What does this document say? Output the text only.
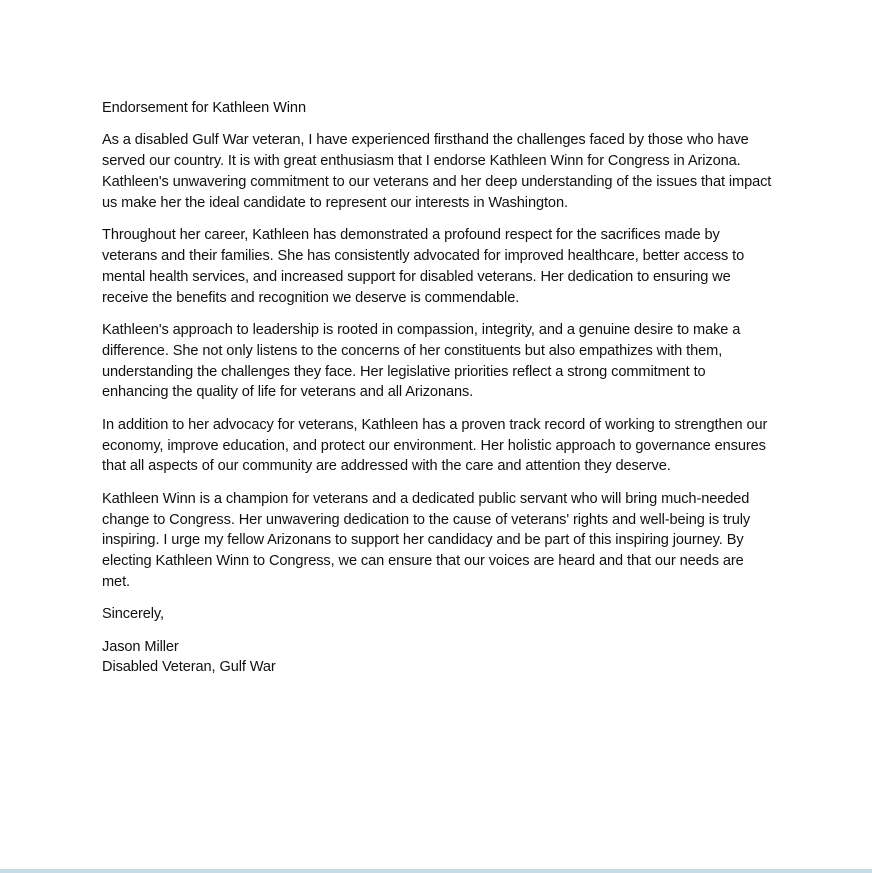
Endorsement for Kathleen Winn

As a disabled Gulf War veteran, I have experienced firsthand the challenges faced by those who have served our country. It is with great enthusiasm that I endorse Kathleen Winn for Congress in Arizona. Kathleen's unwavering commitment to our veterans and her deep understanding of the issues that impact us make her the ideal candidate to represent our interests in Washington.

Throughout her career, Kathleen has demonstrated a profound respect for the sacrifices made by veterans and their families. She has consistently advocated for improved healthcare, better access to mental health services, and increased support for disabled veterans. Her dedication to ensuring we receive the benefits and recognition we deserve is commendable.

Kathleen's approach to leadership is rooted in compassion, integrity, and a genuine desire to make a difference. She not only listens to the concerns of her constituents but also empathizes with them, understanding the challenges they face. Her legislative priorities reflect a strong commitment to enhancing the quality of life for veterans and all Arizonans.

In addition to her advocacy for veterans, Kathleen has a proven track record of working to strengthen our economy, improve education, and protect our environment. Her holistic approach to governance ensures that all aspects of our community are addressed with the care and attention they deserve.

Kathleen Winn is a champion for veterans and a dedicated public servant who will bring much-needed change to Congress. Her unwavering dedication to the cause of veterans' rights and well-being is truly inspiring. I urge my fellow Arizonans to support her candidacy and be part of this inspiring journey. By electing Kathleen Winn to Congress, we can ensure that our voices are heard and that our needs are met.

Sincerely,

Jason Miller
Disabled Veteran, Gulf War
